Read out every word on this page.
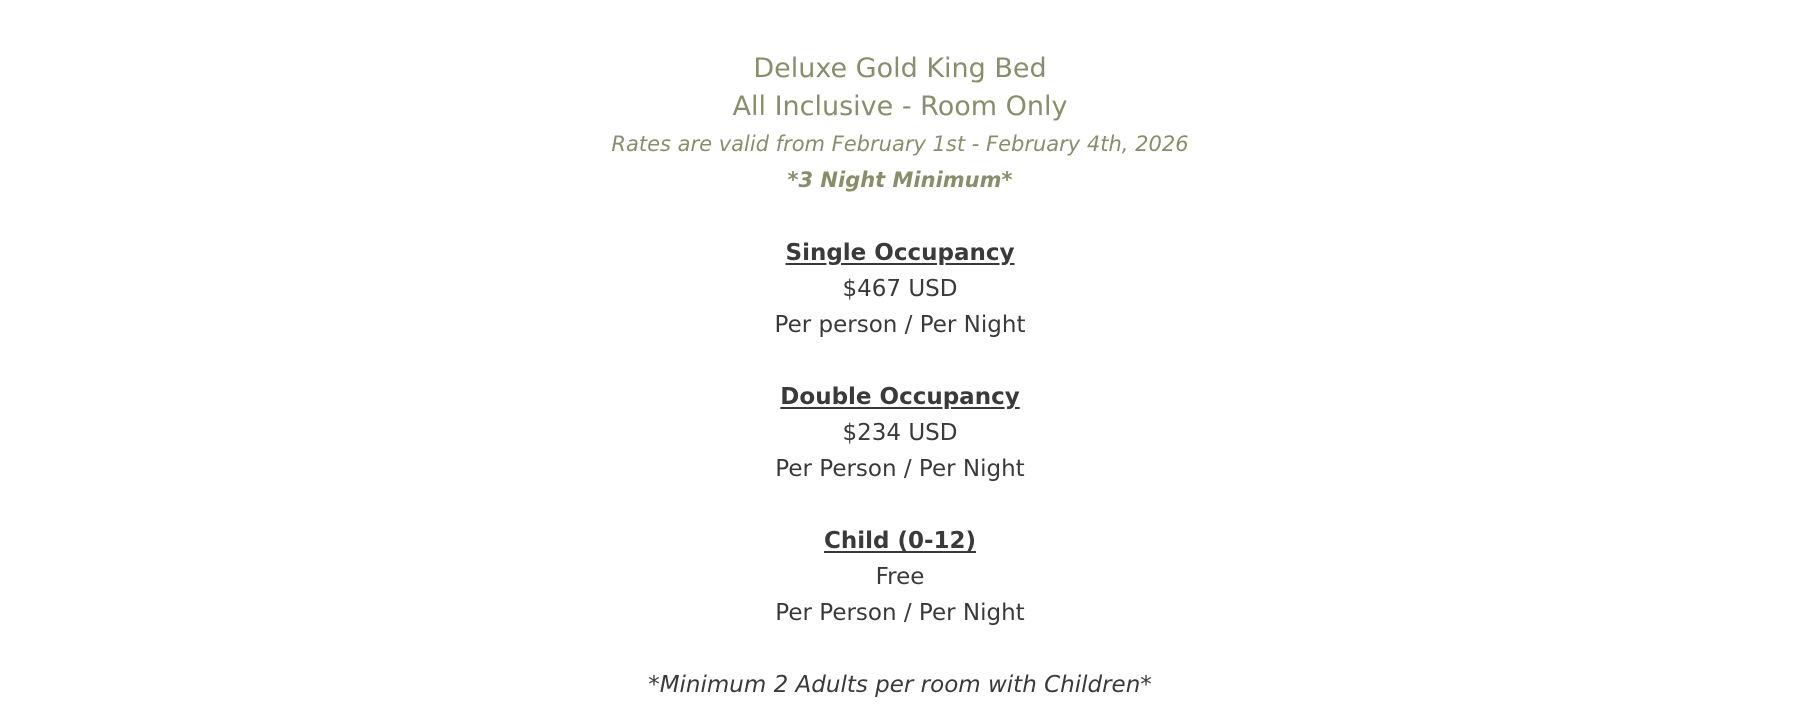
Deluxe Gold King Bed
All Inclusive - Room Only
Rates are valid from February 1st - February 4th, 2026
*3 Night Minimum*
Single Occupancy
$467 USD
Per person / Per Night
Double Occupancy
$234 USD
Per Person / Per Night
Child (0-12)
Free
Per Person / Per Night
*Minimum 2 Adults per room with Children*
